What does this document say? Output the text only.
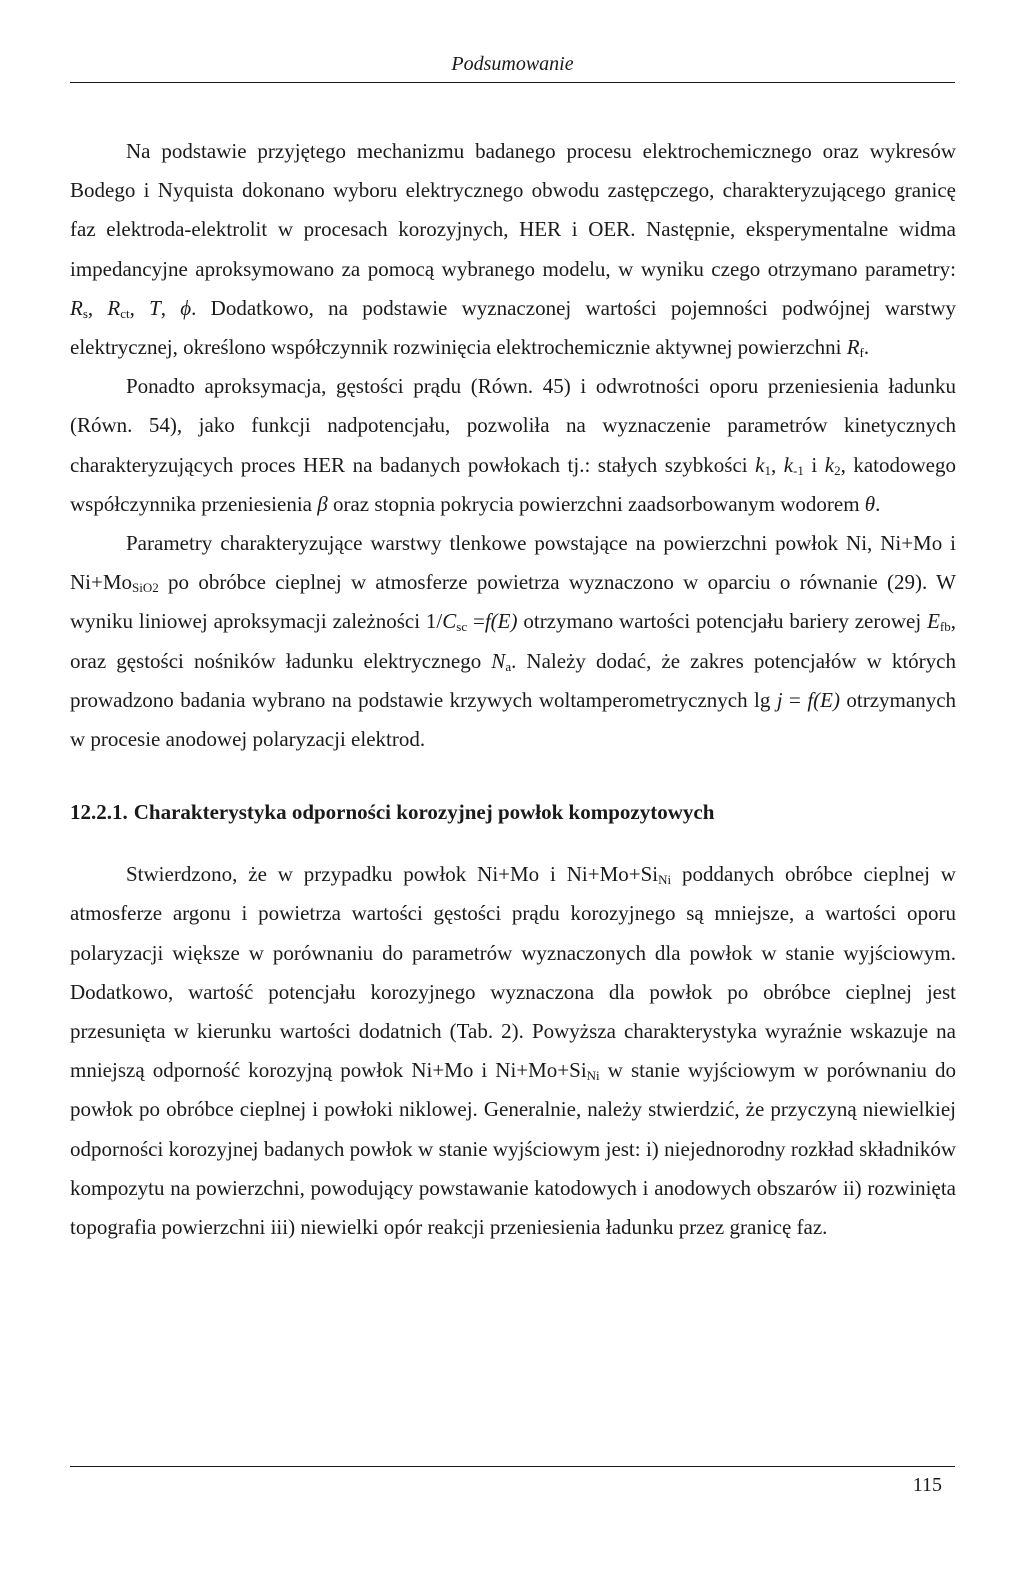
Podsumowanie

Na podstawie przyjętego mechanizmu badanego procesu elektrochemicznego oraz wykresów Bodego i Nyquista dokonano wyboru elektrycznego obwodu zastępczego, charakteryzującego granicę faz elektroda-elektrolit w procesach korozyjnych, HER i OER. Następnie, eksperymentalne widma impedancyjne aproksymowano za pomocą wybranego modelu, w wyniku czego otrzymano parametry: $R_s$, $R_{ct}$, T, ϕ. Dodatkowo, na podstawie wyznaczonej wartości pojemności podwójnej warstwy elektrycznej, określono współczynnik rozwinięcia elektrochemicznie aktywnej powierzchni $R_f$.

Ponadto aproksymacja, gęstości prądu (Równ. 45) i odwrotności oporu przeniesienia ładunku (Równ. 54), jako funkcji nadpotencjału, pozwoliła na wyznaczenie parametrów kinetycznych charakteryzujących proces HER na badanych powłokach tj.: stałych szybkości $k_1$, $k_{-1}$ i $k_2$, katodowego współczynnika przeniesienia β oraz stopnia pokrycia powierzchni zaadsorbowanym wodorem θ.

Parametry charakteryzujące warstwy tlenkowe powstające na powierzchni powłok Ni, Ni+Mo i $Ni+Mo_{SiO2}$ po obróbce cieplnej w atmosferze powietrza wyznaczono w oparciu o równanie (29). W wyniku liniowej aproksymacji zależności $1/C_{sc} =f(E)$ otrzymano wartości potencjału bariery zerowej $E_{fb}$, oraz gęstości nośników ładunku elektrycznego $N_a$. Należy dodać, że zakres potencjałów w których prowadzono badania wybrano na podstawie krzywych woltamperometrycznych lg j = f(E) otrzymanych w procesie anodowej polaryzacji elektrod.

12.2.1. Charakterystyka odporności korozyjnej powłok kompozytowych

Stwierdzono, że w przypadku powłok Ni+Mo i $Ni+Mo+Si_{Ni}$ poddanych obróbce cieplnej w atmosferze argonu i powietrza wartości gęstości prądu korozyjnego są mniejsze, a wartości oporu polaryzacji większe w porównaniu do parametrów wyznaczonych dla powłok w stanie wyjściowym. Dodatkowo, wartość potencjału korozyjnego wyznaczona dla powłok po obróbce cieplnej jest przesunięta w kierunku wartości dodatnich (Tab. 2). Powyższa charakterystyka wyraźnie wskazuje na mniejszą odporność korozyjną powłok Ni+Mo i $Ni+Mo+Si_{Ni}$ w stanie wyjściowym w porównaniu do powłok po obróbce cieplnej i powłoki niklowej. Generalnie, należy stwierdzić, że przyczyną niewielkiej odporności korozyjnej badanych powłok w stanie wyjściowym jest: i) niejednorodny rozkład składników kompozytu na powierzchni, powodujący powstawanie katodowych i anodowych obszarów ii) rozwinięta topografia powierzchni iii) niewielki opór reakcji przeniesienia ładunku przez granicę faz.

115
